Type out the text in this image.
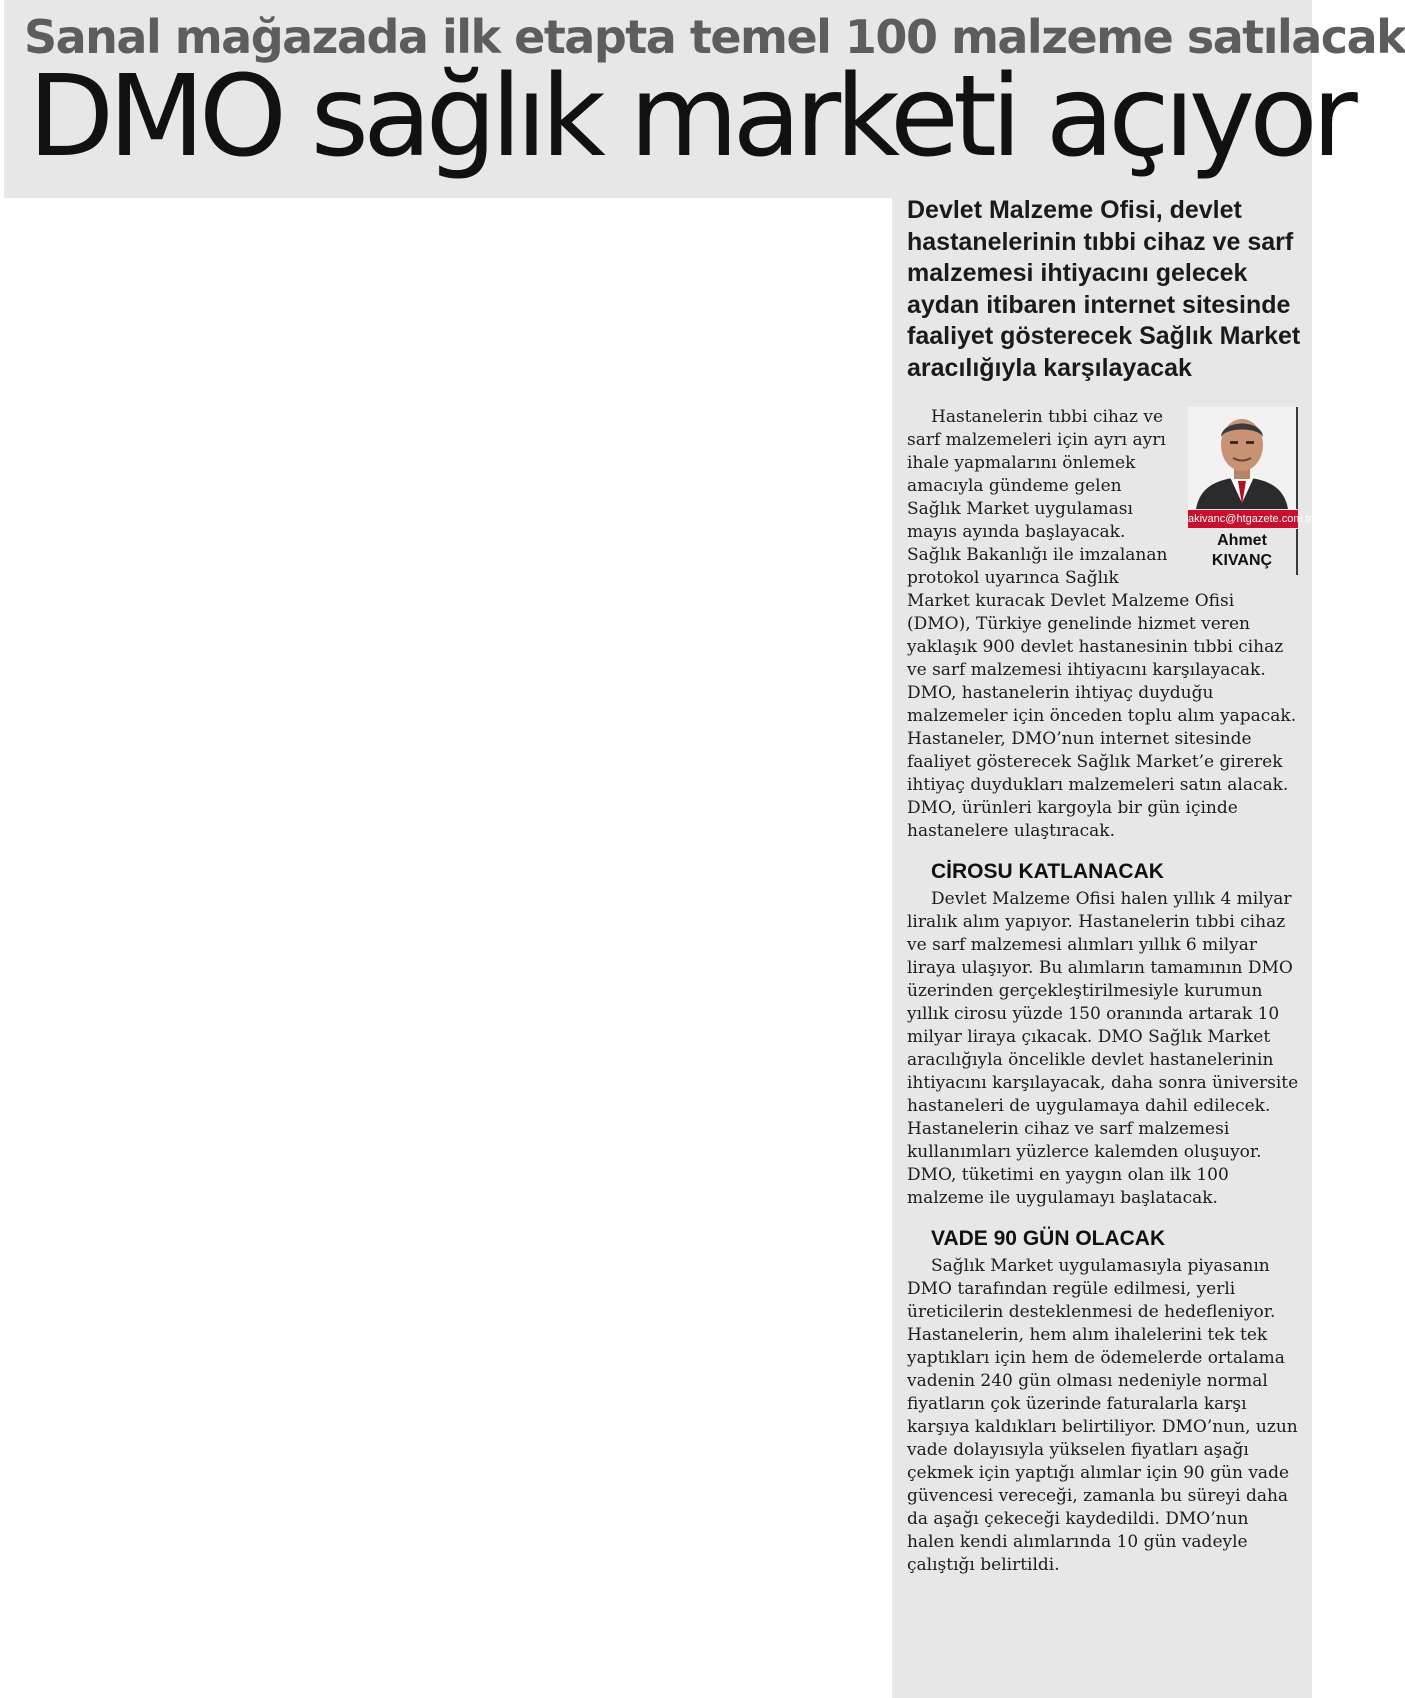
Sanal mağazada ilk etapta temel 100 malzeme satılacak
DMO sağlık marketi açıyor

Devlet Malzeme Ofisi, devlet hastanelerinin tıbbi cihaz ve sarf malzemesi ihtiyacını gelecek aydan itibaren internet sitesinde faaliyet gösterecek Sağlık Market aracılığıyla karşılayacak

akivanc@htgazete.com.tr
Ahmet
KIVANÇ

Hastanelerin tıbbi cihaz ve sarf malzemeleri için ayrı ayrı ihale yapmalarını önlemek amacıyla gündeme gelen Sağlık Market uygulaması mayıs ayında başlayacak. Sağlık Bakanlığı ile imzalanan protokol uyarınca Sağlık Market kuracak Devlet Malzeme Ofisi (DMO), Türkiye genelinde hizmet veren yaklaşık 900 devlet hastanesinin tıbbi cihaz ve sarf malzemesi ihtiyacını karşılayacak. DMO, hastanelerin ihtiyaç duyduğu malzemeler için önceden toplu alım yapacak. Hastaneler, DMO’nun internet sitesinde faaliyet gösterecek Sağlık Market’e girerek ihtiyaç duydukları malzemeleri satın alacak. DMO, ürünleri kargoyla bir gün içinde hastanelere ulaştıracak.

CİROSU KATLANACAK

Devlet Malzeme Ofisi halen yıllık 4 milyar liralık alım yapıyor. Hastanelerin tıbbi cihaz ve sarf malzemesi alımları yıllık 6 milyar liraya ulaşıyor. Bu alımların tamamının DMO üzerinden gerçekleştirilmesiyle kurumun yıllık cirosu yüzde 150 oranında artarak 10 milyar liraya çıkacak. DMO Sağlık Market aracılığıyla öncelikle devlet hastanelerinin ihtiyacını karşılayacak, daha sonra üniversite hastaneleri de uygulamaya dahil edilecek. Hastanelerin cihaz ve sarf malzemesi kullanımları yüzlerce kalemden oluşuyor. DMO, tüketimi en yaygın olan ilk 100 malzeme ile uygulamayı başlatacak.

VADE 90 GÜN OLACAK

Sağlık Market uygulamasıyla piyasanın DMO tarafından regüle edilmesi, yerli üreticilerin desteklenmesi de hedefleniyor. Hastanelerin, hem alım ihalelerini tek tek yaptıkları için hem de ödemelerde ortalama vadenin 240 gün olması nedeniyle normal fiyatların çok üzerinde faturalarla karşı karşıya kaldıkları belirtiliyor. DMO’nun, uzun vade dolayısıyla yükselen fiyatları aşağı çekmek için yaptığı alımlar için 90 gün vade güvencesi vereceği, zamanla bu süreyi daha da aşağı çekeceği kaydedildi. DMO’nun halen kendi alımlarında 10 gün vadeyle çalıştığı belirtildi.
